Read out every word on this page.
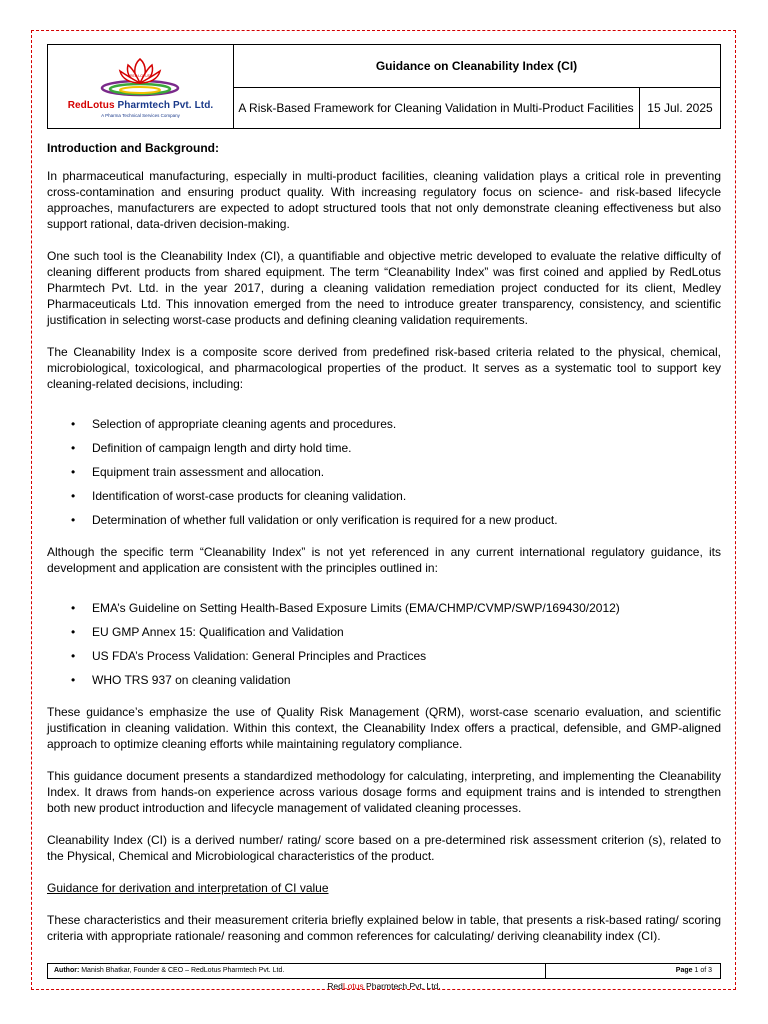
RED LOTUS
RedLotus Pharmtech Pvt. Ltd.
A Pharma Technical Services Company
Guidance on Cleanability Index (CI)
A Risk-Based Framework for Cleaning Validation in Multi-Product Facilities	15 Jul. 2025
Introduction and Background:

In pharmaceutical manufacturing, especially in multi-product facilities, cleaning validation plays a critical role in preventing cross-contamination and ensuring product quality. With increasing regulatory focus on science- and risk-based lifecycle approaches, manufacturers are expected to adopt structured tools that not only demonstrate cleaning effectiveness but also support rational, data-driven decision-making.

One such tool is the Cleanability Index (CI), a quantifiable and objective metric developed to evaluate the relative difficulty of cleaning different products from shared equipment. The term “Cleanability Index” was first coined and applied by RedLotus Pharmtech Pvt. Ltd. in the year 2017, during a cleaning validation remediation project conducted for its client, Medley Pharmaceuticals Ltd. This innovation emerged from the need to introduce greater transparency, consistency, and scientific justification in selecting worst-case products and defining cleaning validation requirements.

The Cleanability Index is a composite score derived from predefined risk-based criteria related to the physical, chemical, microbiological, toxicological, and pharmacological properties of the product. It serves as a systematic tool to support key cleaning-related decisions, including:

• Selection of appropriate cleaning agents and procedures.
• Definition of campaign length and dirty hold time.
• Equipment train assessment and allocation.
• Identification of worst-case products for cleaning validation.
• Determination of whether full validation or only verification is required for a new product.

Although the specific term “Cleanability Index” is not yet referenced in any current international regulatory guidance, its development and application are consistent with the principles outlined in:

• EMA’s Guideline on Setting Health-Based Exposure Limits (EMA/CHMP/CVMP/SWP/169430/2012)
• EU GMP Annex 15: Qualification and Validation
• US FDA’s Process Validation: General Principles and Practices
• WHO TRS 937 on cleaning validation

These guidance’s emphasize the use of Quality Risk Management (QRM), worst-case scenario evaluation, and scientific justification in cleaning validation. Within this context, the Cleanability Index offers a practical, defensible, and GMP-aligned approach to optimize cleaning efforts while maintaining regulatory compliance.

This guidance document presents a standardized methodology for calculating, interpreting, and implementing the Cleanability Index. It draws from hands-on experience across various dosage forms and equipment trains and is intended to strengthen both new product introduction and lifecycle management of validated cleaning processes.

Cleanability Index (CI) is a derived number/ rating/ score based on a pre-determined risk assessment criterion (s), related to the Physical, Chemical and Microbiological characteristics of the product.

Guidance for derivation and interpretation of CI value

These characteristics and their measurement criteria briefly explained below in table, that presents a risk-based rating/ scoring criteria with appropriate rationale/ reasoning and common references for calculating/ deriving cleanability index (CI).

Author: Manish Bhatkar, Founder & CEO – RedLotus Pharmtech Pvt. Ltd.	Page 1 of 3
RedLotus Pharmtech Pvt. Ltd.
